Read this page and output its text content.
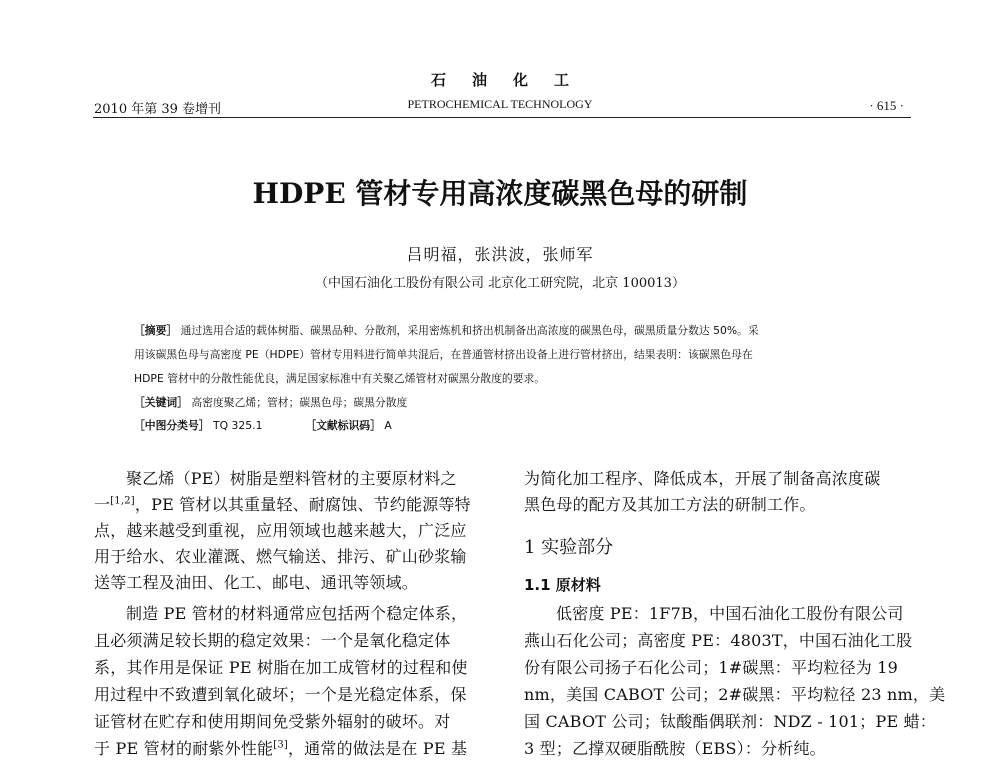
石油化工
2010 年第 39 卷增刊	PETROCHEMICAL TECHNOLOGY	· 615 ·
HDPE 管材专用高浓度碳黑色母的研制
吕明福，张洪波，张师军
（中国石油化工股份有限公司 北京化工研究院，北京 100013）
［摘要］ 通过选用合适的载体树脂、碳黑品种、分散剂，采用密炼机和挤出机制备出高浓度的碳黑色母，碳黑质量分数达 50%。采
用该碳黑色母与高密度 PE（HDPE）管材专用料进行简单共混后，在普通管材挤出设备上进行管材挤出，结果表明：该碳黑色母在
HDPE 管材中的分散性能优良，满足国家标准中有关聚乙烯管材对碳黑分散度的要求。
［关键词］ 高密度聚乙烯；管材；碳黑色母；碳黑分散度
［中图分类号］ TQ 325.1	［文献标识码］ A
聚乙烯（PE）树脂是塑料管材的主要原材料之
一[1,2]，PE 管材以其重量轻、耐腐蚀、节约能源等特
点，越来越受到重视，应用领域也越来越大，广泛应
用于给水、农业灌溉、燃气输送、排污、矿山砂浆输
送等工程及油田、化工、邮电、通讯等领域。
制造 PE 管材的材料通常应包括两个稳定体系，
且必须满足较长期的稳定效果：一个是氧化稳定体
系，其作用是保证 PE 树脂在加工成管材的过程和使
用过程中不致遭到氧化破坏；一个是光稳定体系，保
证管材在贮存和使用期间免受紫外辐射的破坏。对
于 PE 管材的耐紫外性能[3]，通常的做法是在 PE 基
为简化加工程序、降低成本，开展了制备高浓度碳
黑色母的配方及其加工方法的研制工作。
1 实验部分
1.1 原材料
低密度 PE：1F7B，中国石油化工股份有限公司
燕山石化公司；高密度 PE：4803T，中国石油化工股
份有限公司扬子石化公司；1#碳黑：平均粒径为 19
nm，美国 CABOT 公司；2#碳黑：平均粒径 23 nm，美
国 CABOT 公司；钛酸酯偶联剂：NDZ - 101；PE 蜡：
3 型；乙撑双硬脂酰胺（EBS）：分析纯。
